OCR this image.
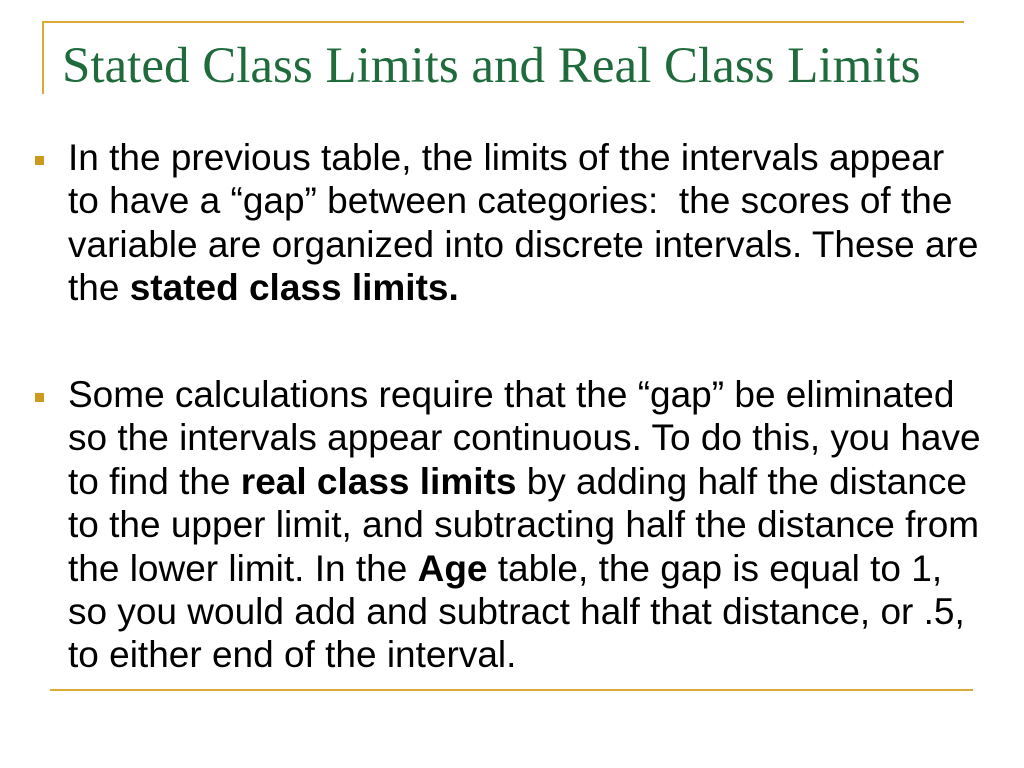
Stated Class Limits and Real Class Limits
In the previous table, the limits of the intervals appear
to have a “gap” between categories:  the scores of the
variable are organized into discrete intervals. These are
the stated class limits.
Some calculations require that the “gap” be eliminated
so the intervals appear continuous. To do this, you have
to find the real class limits by adding half the distance
to the upper limit, and subtracting half the distance from
the lower limit. In the Age table, the gap is equal to 1,
so you would add and subtract half that distance, or .5,
to either end of the interval.
